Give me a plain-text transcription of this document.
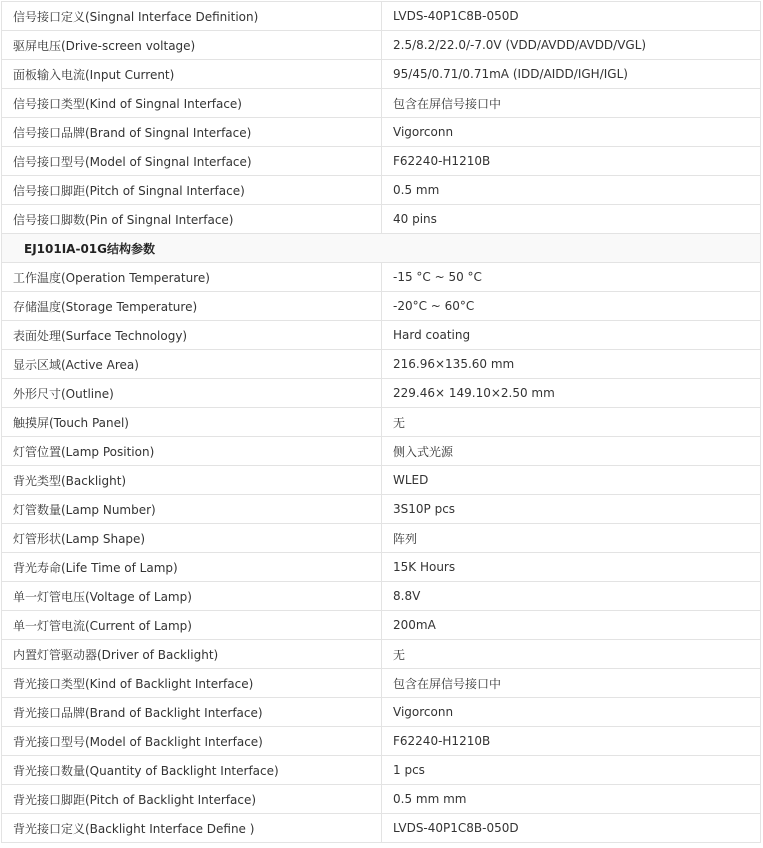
信号接口定义(Singnal Interface Definition)	LVDS-40P1C8B-050D
驱屏电压(Drive-screen voltage)	2.5/8.2/22.0/-7.0V (VDD/AVDD/AVDD/VGL)
面板输入电流(Input Current)	95/45/0.71/0.71mA (IDD/AIDD/IGH/IGL)
信号接口类型(Kind of Singnal Interface)	包含在屏信号接口中
信号接口品牌(Brand of Singnal Interface)	Vigorconn
信号接口型号(Model of Singnal Interface)	F62240-H1210B
信号接口脚距(Pitch of Singnal Interface)	0.5 mm
信号接口脚数(Pin of Singnal Interface)	40 pins
EJ101IA-01G结构参数	
工作温度(Operation Temperature)	-15 °C ~ 50 °C
存储温度(Storage Temperature)	-20°C ~ 60°C
表面处理(Surface Technology)	Hard coating
显示区域(Active Area)	216.96×135.60 mm
外形尺寸(Outline)	229.46× 149.10×2.50 mm
触摸屏(Touch Panel)	无
灯管位置(Lamp Position)	侧入式光源
背光类型(Backlight)	WLED
灯管数量(Lamp Number)	3S10P pcs
灯管形状(Lamp Shape)	阵列
背光寿命(Life Time of Lamp)	15K Hours
单一灯管电压(Voltage of Lamp)	8.8V
单一灯管电流(Current of Lamp)	200mA
内置灯管驱动器(Driver of Backlight)	无
背光接口类型(Kind of Backlight Interface)	包含在屏信号接口中
背光接口品牌(Brand of Backlight Interface)	Vigorconn
背光接口型号(Model of Backlight Interface)	F62240-H1210B
背光接口数量(Quantity of Backlight Interface)	1 pcs
背光接口脚距(Pitch of Backlight Interface)	0.5 mm mm
背光接口定义(Backlight Interface Define )	LVDS-40P1C8B-050D
